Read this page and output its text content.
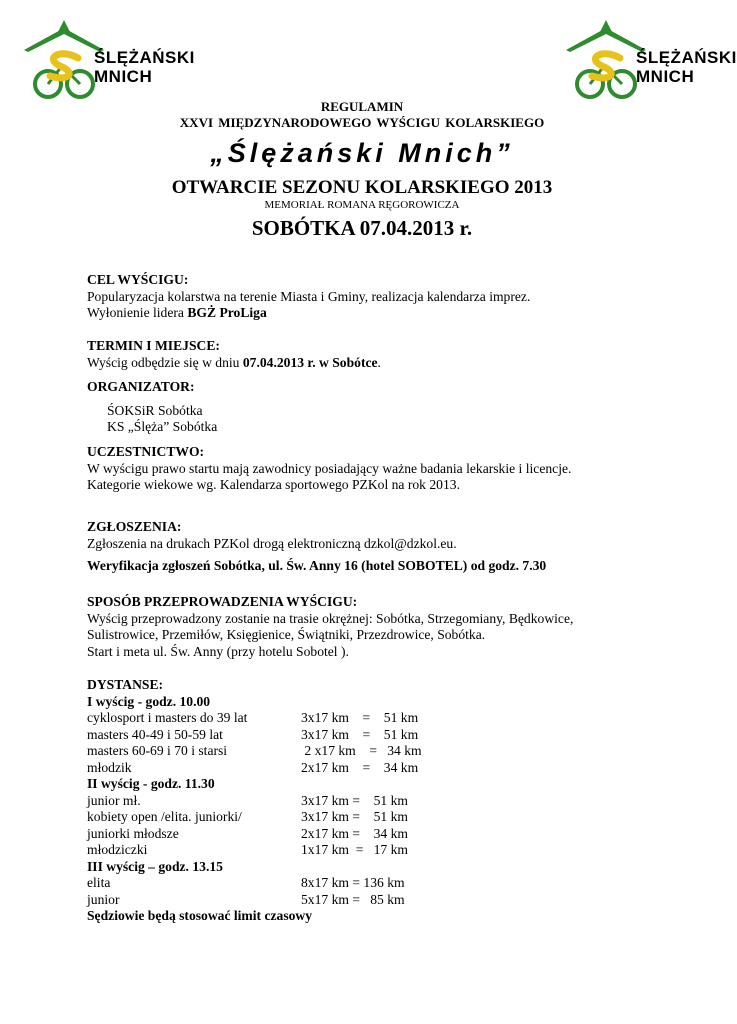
ŚLĘŻAŃSKI
MNICH
ŚLĘŻAŃSKI
MNICH
REGULAMIN
XXVI MIĘDZYNARODOWEGO WYŚCIGU KOLARSKIEGO
„Ślężański Mnich”
OTWARCIE SEZONU KOLARSKIEGO 2013
MEMORIAŁ ROMANA RĘGOROWICZA
SOBÓTKA 07.04.2013 r.
CEL WYŚCIGU:
Popularyzacja kolarstwa na terenie Miasta i Gminy, realizacja kalendarza imprez.
Wyłonienie lidera BGŻ ProLiga
TERMIN I MIEJSCE:
Wyścig odbędzie się w dniu 07.04.2013 r. w Sobótce.
ORGANIZATOR:
ŚOKSiR Sobótka
KS „Ślęża” Sobótka
UCZESTNICTWO:
W wyścigu prawo startu mają zawodnicy posiadający ważne badania lekarskie i licencje.
Kategorie wiekowe wg. Kalendarza sportowego PZKol na rok 2013.
ZGŁOSZENIA:
Zgłoszenia na drukach PZKol drogą elektroniczną dzkol@dzkol.eu.
Weryfikacja zgłoszeń Sobótka, ul. Św. Anny 16 (hotel SOBOTEL) od godz. 7.30
SPOSÓB PRZEPROWADZENIA WYŚCIGU:
Wyścig przeprowadzony zostanie na trasie okrężnej: Sobótka, Strzegomiany, Będkowice,
Sulistrowice, Przemiłów, Księgienice, Świątniki, Przezdrowice, Sobótka.
Start i meta ul. Św. Anny (przy hotelu Sobotel ).
DYSTANSE:
I wyścig - godz. 10.00
cyklosport i masters do 39 lat	3x17 km    =    51 km
masters 40-49 i 50-59 lat	3x17 km    =    51 km
masters 60-69 i 70 i starsi	2 x17 km    =   34 km
młodzik	2x17 km    =    34 km
II wyścig - godz. 11.30
junior mł.	3x17 km =    51 km
kobiety open /elita. juniorki/	3x17 km =    51 km
juniorki młodsze	2x17 km =    34 km
młodziczki	1x17 km  =   17 km
III wyścig – godz. 13.15
elita	8x17 km = 136 km
junior	5x17 km =   85 km
Sędziowie będą stosować limit czasowy
